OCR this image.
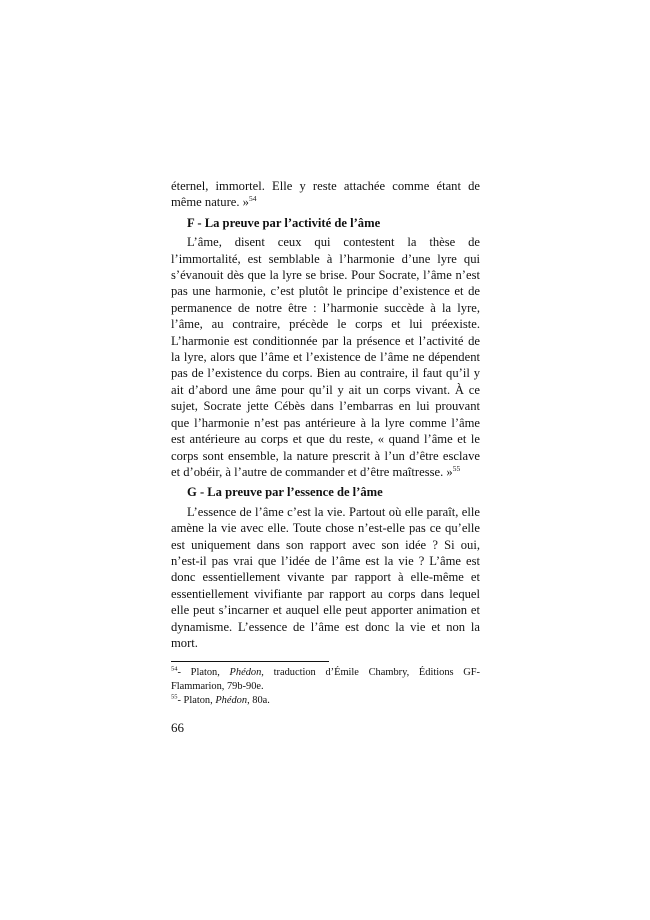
éternel, immortel. Elle y reste attachée comme étant de même nature. »$^{54}$

F - La preuve par l’activité de l’âme

L’âme, disent ceux qui contestent la thèse de l’immortalité, est semblable à l’harmonie d’une lyre qui s’évanouit dès que la lyre se brise. Pour Socrate, l’âme n’est pas une harmonie, c’est plutôt le principe d’existence et de permanence de notre être : l’harmonie succède à la lyre, l’âme, au contraire, précède le corps et lui préexiste. L’harmonie est conditionnée par la présence et l’activité de la lyre, alors que l’âme et l’existence de l’âme ne dépendent pas de l’existence du corps. Bien au contraire, il faut qu’il y ait d’abord une âme pour qu’il y ait un corps vivant. À ce sujet, Socrate jette Cébès dans l’embarras en lui prouvant que l’harmonie n’est pas antérieure à la lyre comme l’âme est antérieure au corps et que du reste, « quand l’âme et le corps sont ensemble, la nature prescrit à l’un d’être esclave et d’obéir, à l’autre de commander et d’être maîtresse. »$^{55}$

G - La preuve par l’essence de l’âme

L’essence de l’âme c’est la vie. Partout où elle paraît, elle amène la vie avec elle. Toute chose n’est-elle pas ce qu’elle est uniquement dans son rapport avec son idée ? Si oui, n’est-il pas vrai que l’idée de l’âme est la vie ? L’âme est donc essentiellement vivante par rapport à elle-même et essentiellement vivifiante par rapport au corps dans lequel elle peut s’incarner et auquel elle peut apporter animation et dynamisme. L’essence de l’âme est donc la vie et non la mort.

$^{54}$- Platon, Phédon, traduction d’Émile Chambry, Éditions GF-Flammarion, 79b-90e.

$^{55}$- Platon, Phédon, 80a.

66
